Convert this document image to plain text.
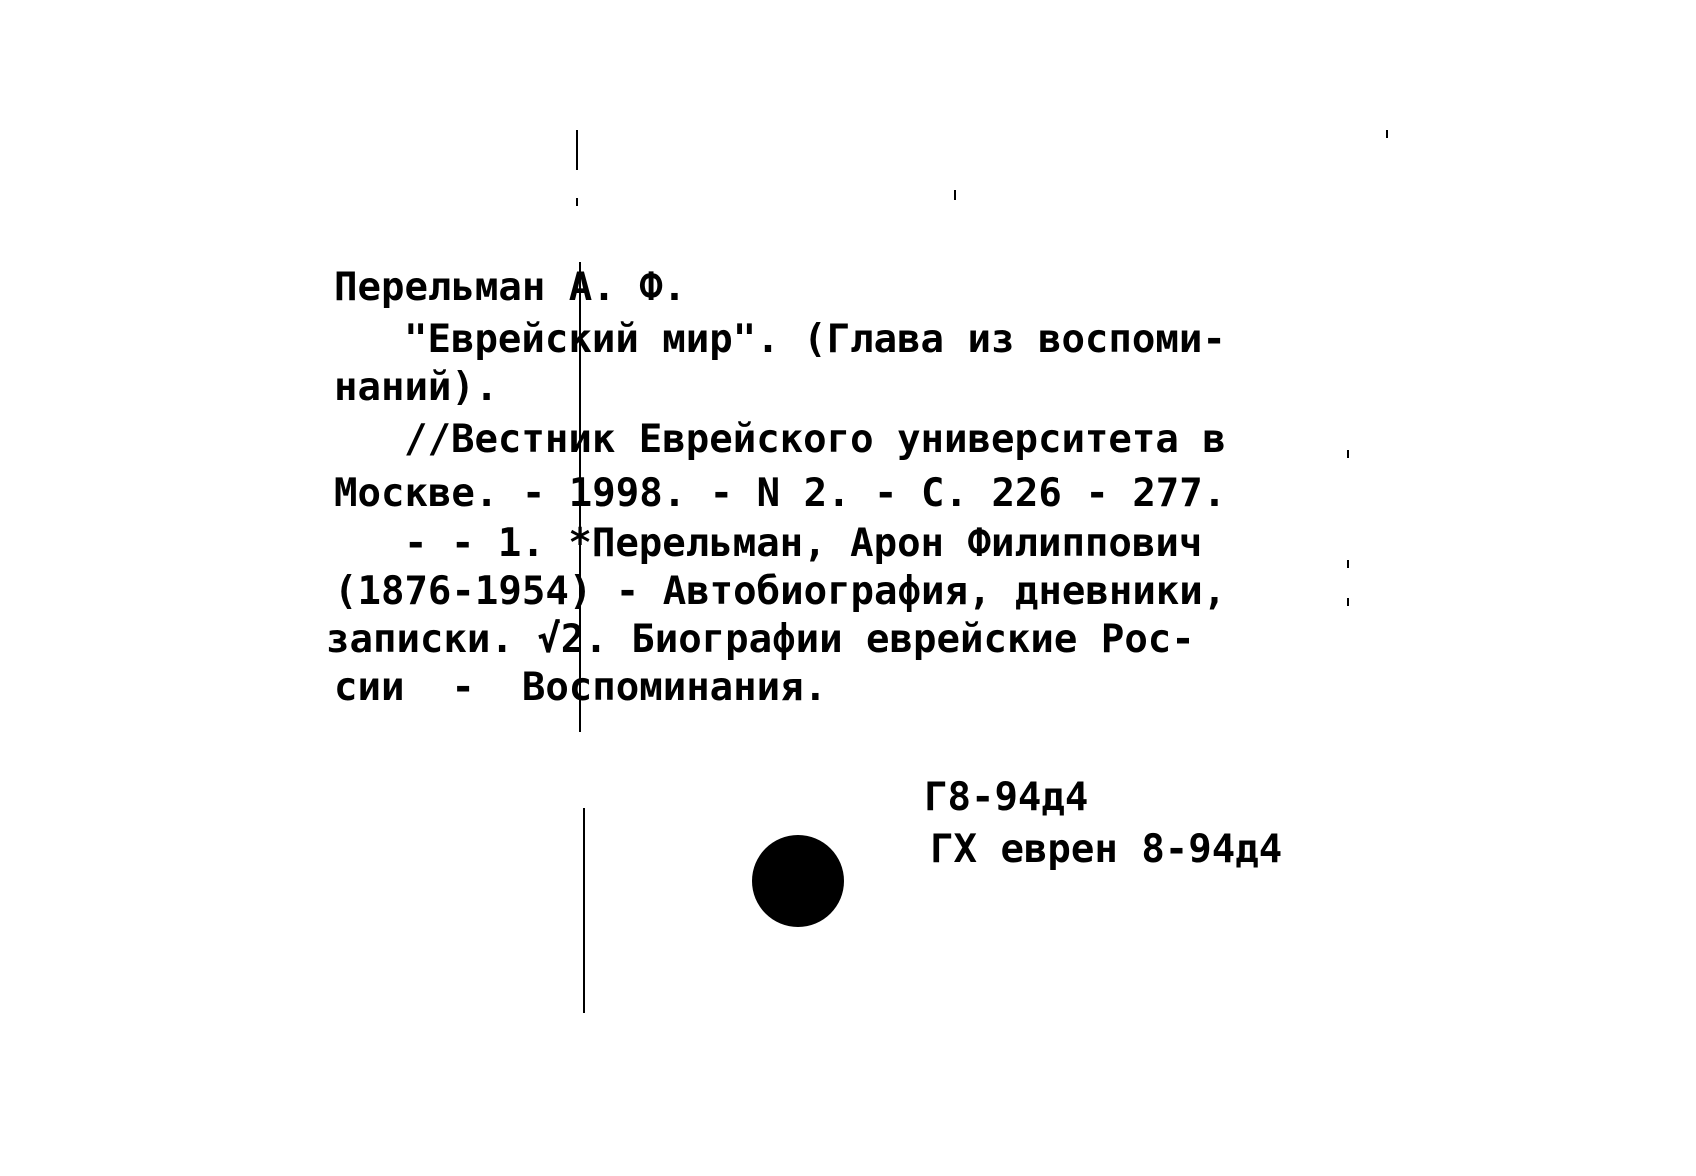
Перельман А. Ф.
"Еврейский мир". (Глава из воспоми-
наний).
//Вестник Еврейского университета в
Москве. - 1998. - N 2. - С. 226 - 277.
- - 1. *Перельман, Арон Филиппович
(1876-1954) - Автобиография, дневники,
записки. √2. Биографии еврейские Рос-
сии  -  Воспоминания.
Г8-94д4
ГХ еврен 8-94д4
